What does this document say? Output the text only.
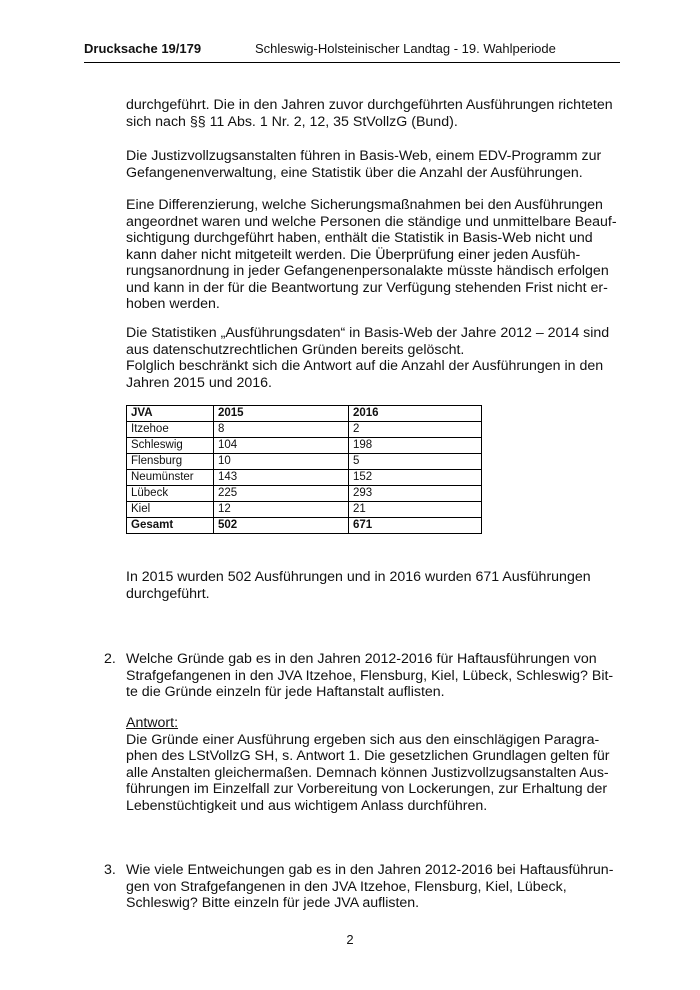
Drucksache 19/179	Schleswig-Holsteinischer Landtag - 19. Wahlperiode
durchgeführt. Die in den Jahren zuvor durchgeführten Ausführungen richteten
sich nach §§ 11 Abs. 1 Nr. 2, 12, 35 StVollzG (Bund).
Die Justizvollzugsanstalten führen in Basis-Web, einem EDV-Programm zur
Gefangenenverwaltung, eine Statistik über die Anzahl der Ausführungen.
Eine Differenzierung, welche Sicherungsmaßnahmen bei den Ausführungen
angeordnet waren und welche Personen die ständige und unmittelbare Beauf-
sichtigung durchgeführt haben, enthält die Statistik in Basis-Web nicht und
kann daher nicht mitgeteilt werden. Die Überprüfung einer jeden Ausfüh-
rungsanordnung in jeder Gefangenenpersonalakte müsste händisch erfolgen
und kann in der für die Beantwortung zur Verfügung stehenden Frist nicht er-
hoben werden.
Die Statistiken „Ausführungsdaten“ in Basis-Web der Jahre 2012 – 2014 sind
aus datenschutzrechtlichen Gründen bereits gelöscht.
Folglich beschränkt sich die Antwort auf die Anzahl der Ausführungen in den
Jahren 2015 und 2016.
JVA	2015	2016
Itzehoe	8	2
Schleswig	104	198
Flensburg	10	5
Neumünster	143	152
Lübeck	225	293
Kiel	12	21
Gesamt	502	671
In 2015 wurden 502 Ausführungen und in 2016 wurden 671 Ausführungen
durchgeführt.
2. Welche Gründe gab es in den Jahren 2012-2016 für Haftausführungen von
Strafgefangenen in den JVA Itzehoe, Flensburg, Kiel, Lübeck, Schleswig? Bit-
te die Gründe einzeln für jede Haftanstalt auflisten.
Antwort:
Die Gründe einer Ausführung ergeben sich aus den einschlägigen Paragra-
phen des LStVollzG SH, s. Antwort 1. Die gesetzlichen Grundlagen gelten für
alle Anstalten gleichermaßen. Demnach können Justizvollzugsanstalten Aus-
führungen im Einzelfall zur Vorbereitung von Lockerungen, zur Erhaltung der
Lebenstüchtigkeit und aus wichtigem Anlass durchführen.
3. Wie viele Entweichungen gab es in den Jahren 2012-2016 bei Haftausführun-
gen von Strafgefangenen in den JVA Itzehoe, Flensburg, Kiel, Lübeck,
Schleswig? Bitte einzeln für jede JVA auflisten.
2
